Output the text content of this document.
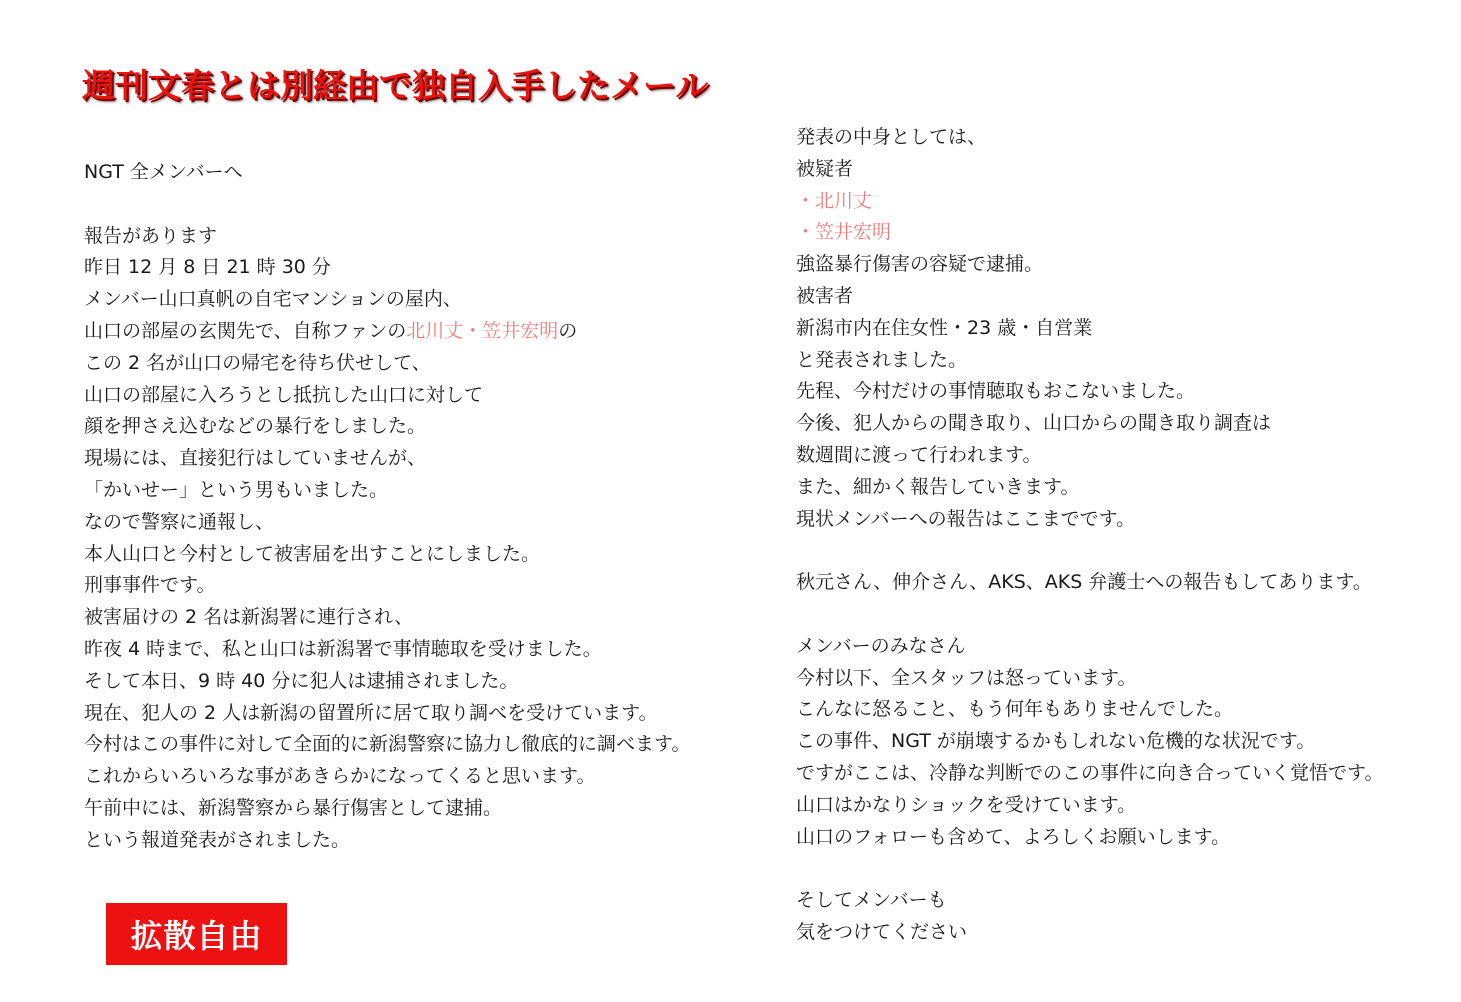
週刊文春とは別経由で独自入手したメール
NGT 全メンバーへ
報告があります
昨日 12 月 8 日 21 時 30 分
メンバー山口真帆の自宅マンションの屋内、
山口の部屋の玄関先で、自称ファンの北川丈・笠井宏明の
この 2 名が山口の帰宅を待ち伏せして、
山口の部屋に入ろうとし抵抗した山口に対して
顔を押さえ込むなどの暴行をしました。
現場には、直接犯行はしていませんが、
「かいせー」という男もいました。
なので警察に通報し、
本人山口と今村として被害届を出すことにしました。
刑事事件です。
被害届けの 2 名は新潟署に連行され、
昨夜 4 時まで、私と山口は新潟署で事情聴取を受けました。
そして本日、9 時 40 分に犯人は逮捕されました。
現在、犯人の 2 人は新潟の留置所に居て取り調べを受けています。
今村はこの事件に対して全面的に新潟警察に協力し徹底的に調べます。
これからいろいろな事があきらかになってくると思います。
午前中には、新潟警察から暴行傷害として逮捕。
という報道発表がされました。
発表の中身としては、
被疑者
・北川丈
・笠井宏明
強盗暴行傷害の容疑で逮捕。
被害者
新潟市内在住女性・23 歳・自営業
と発表されました。
先程、今村だけの事情聴取もおこないました。
今後、犯人からの聞き取り、山口からの聞き取り調査は
数週間に渡って行われます。
また、細かく報告していきます。
現状メンバーへの報告はここまでです。
秋元さん、伸介さん、AKS、AKS 弁護士への報告もしてあります。
メンバーのみなさん
今村以下、全スタッフは怒っています。
こんなに怒ること、もう何年もありませんでした。
この事件、NGT が崩壊するかもしれない危機的な状況です。
ですがここは、冷静な判断でのこの事件に向き合っていく覚悟です。
山口はかなりショックを受けています。
山口のフォローも含めて、よろしくお願いします。
そしてメンバーも
気をつけてください
拡散自由
